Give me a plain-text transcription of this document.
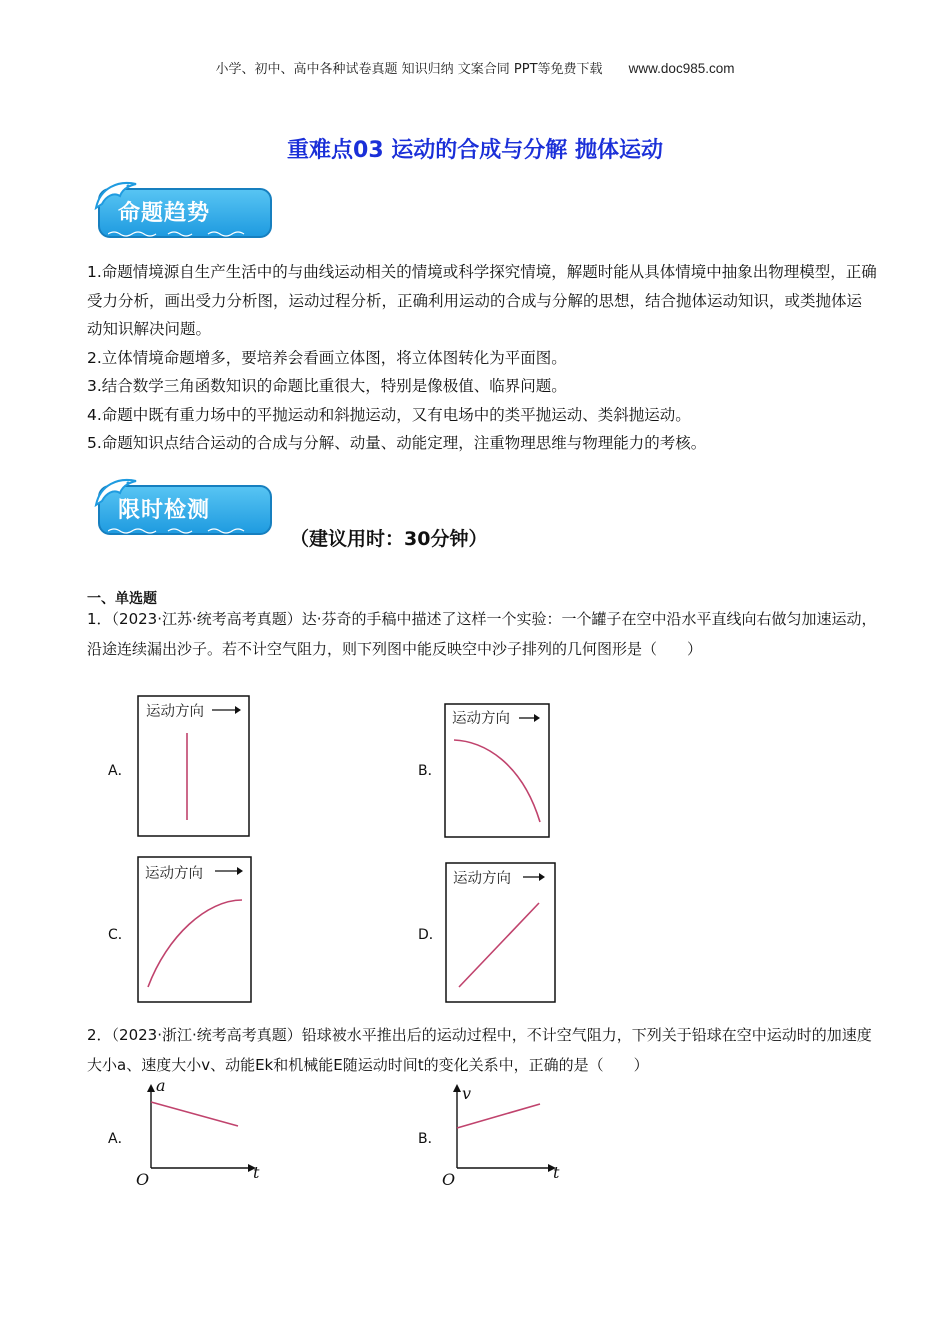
小学、初中、高中各种试卷真题 知识归纳 文案合同 PPT等免费下载 www.doc985.com
重难点03 运动的合成与分解 抛体运动
命题趋势
1.命题情境源自生产生活中的与曲线运动相关的情境或科学探究情境，解题时能从具体情境中抽象出物理模型，正确受力分析，画出受力分析图，运动过程分析，正确利用运动的合成与分解的思想，结合抛体运动知识，或类抛体运动知识解决问题。
2.立体情境命题增多，要培养会看画立体图，将立体图转化为平面图。
3.结合数学三角函数知识的命题比重很大，特别是像极值、临界问题。
4.命题中既有重力场中的平抛运动和斜抛运动，又有电场中的类平抛运动、类斜抛运动。
5.命题知识点结合运动的合成与分解、动量、动能定理，注重物理思维与物理能力的考核。
限时检测
（建议用时：30分钟）
一、单选题
1．（2023·江苏·统考高考真题）达·芬奇的手稿中描述了这样一个实验：一个罐子在空中沿水平直线向右做匀加速运动，沿途连续漏出沙子。若不计空气阻力，则下列图中能反映空中沙子排列的几何图形是（　　）
A．
运动方向
B．
运动方向
C．
运动方向
D．
运动方向
2．（2023·浙江·统考高考真题）铅球被水平推出后的运动过程中，不计空气阻力，下列关于铅球在空中运动时的加速度大小a、速度大小v、动能Ek和机械能E随运动时间t的变化关系中，正确的是（　　）
A．
a
t
O
B．
v
t
O
